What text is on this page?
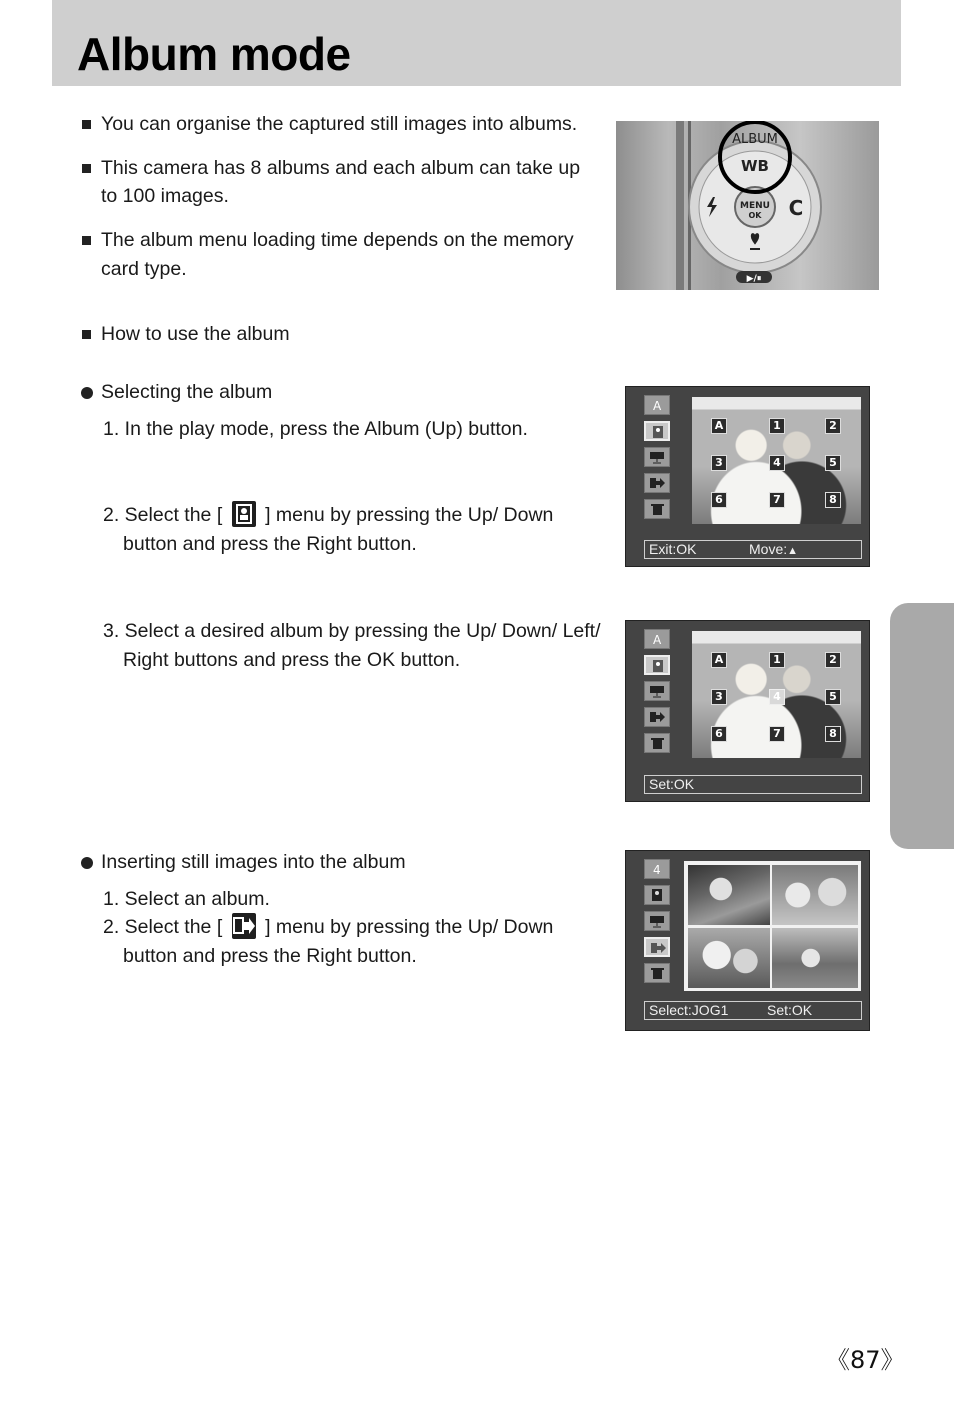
Album mode
You can organise the captured still images into albums.
This camera has 8 albums and each album can take up
to 100 images.
The album menu loading time depends on the memory
card type.
How to use the album
Selecting the album
1. In the play mode, press the Album (Up) button.
2. Select the [ ] menu by pressing the Up/ Down
button and press the Right button.
3. Select a desired album by pressing the Up/ Down/ Left/
Right buttons and press the OK button.
Inserting still images into the album
1. Select an album.
2. Select the [ ] menu by pressing the Up/ Down
button and press the Right button.
ALBUM
WB
MENU
OK C
▶/⏸
A
A	1	2
3	4	5
6	7	8
Exit:OK	Move:▲︎
A
A	1	2
3	4	5
6	7	8
Set:OK
4
Select:JOG1	Set:OK
《87》
